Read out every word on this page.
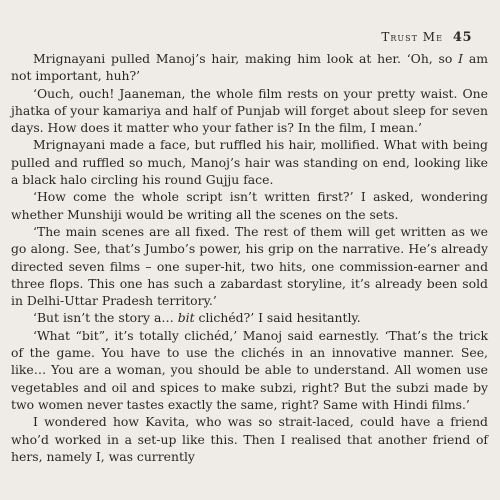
Trust Me 45

Mrignayani pulled Manoj’s hair, making him look at her. ‘Oh, so I am not important, huh?’

‘Ouch, ouch! Jaaneman, the whole film rests on your pretty waist. One jhatka of your kamariya and half of Punjab will forget about sleep for seven days. How does it matter who your father is? In the film, I mean.’

Mrignayani made a face, but ruffled his hair, mollified. What with being pulled and ruffled so much, Manoj’s hair was standing on end, looking like a black halo circling his round Gujju face.

‘How come the whole script isn’t written first?’ I asked, wondering whether Munshiji would be writing all the scenes on the sets.

‘The main scenes are all fixed. The rest of them will get written as we go along. See, that’s Jumbo’s power, his grip on the narrative. He’s already directed seven films – one super-hit, two hits, one commission-earner and three flops. This one has such a zabardast storyline, it’s already been sold in Delhi-Uttar Pradesh territory.’

‘But isn’t the story a… bit clichéd?’ I said hesitantly.

‘What “bit”, it’s totally clichéd,’ Manoj said earnestly. ‘That’s the trick of the game. You have to use the clichés in an innovative manner. See, like… You are a woman, you should be able to understand. All women use vegetables and oil and spices to make subzi, right? But the subzi made by two women never tastes exactly the same, right? Same with Hindi films.’

I wondered how Kavita, who was so strait-laced, could have a friend who’d worked in a set-up like this. Then I realised that another friend of hers, namely I, was currently
